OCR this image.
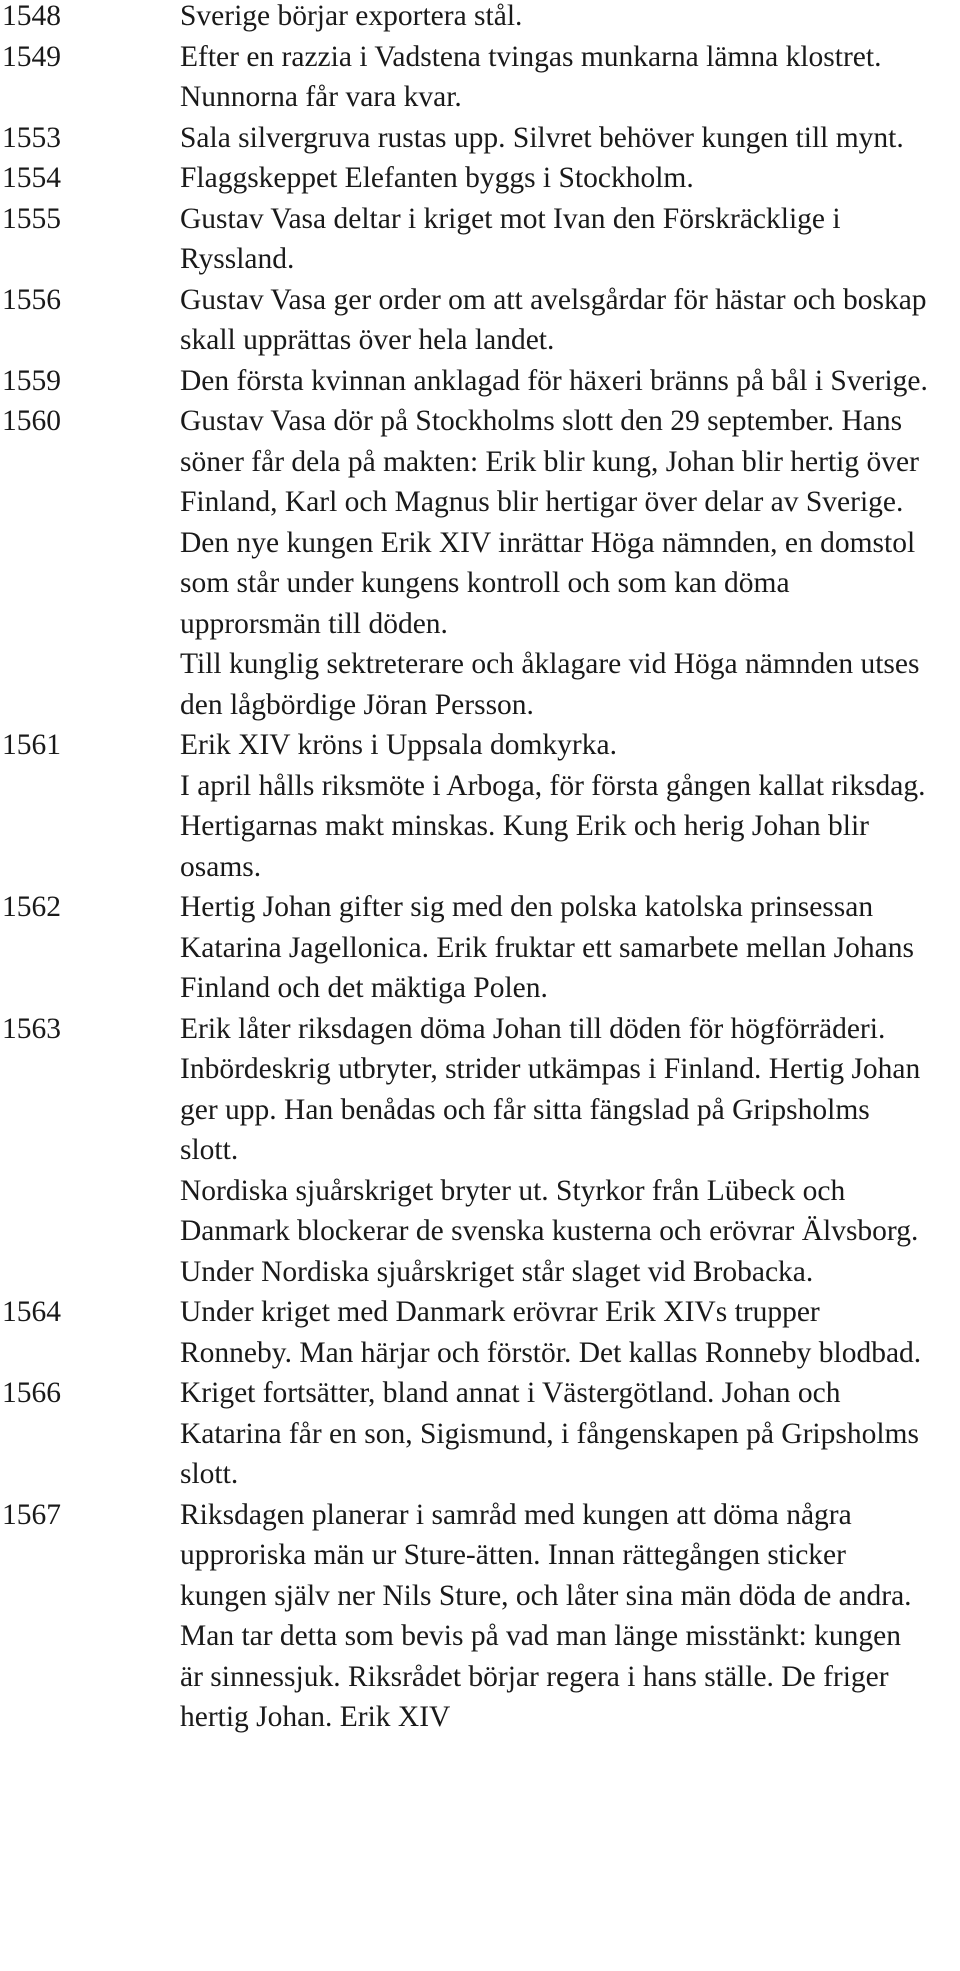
1548	Sverige börjar exportera stål.
1549	Efter en razzia i Vadstena tvingas munkarna lämna klostret. Nunnorna får vara kvar.
1553	Sala silvergruva rustas upp. Silvret behöver kungen till mynt.
1554	Flaggskeppet Elefanten byggs i Stockholm.
1555	Gustav Vasa deltar i kriget mot Ivan den Förskräcklige i Ryssland.
1556	Gustav Vasa ger order om att avelsgårdar för hästar och boskap skall upprättas över hela landet.
1559	Den första kvinnan anklagad för häxeri bränns på bål i Sverige.
1560	Gustav Vasa dör på Stockholms slott den 29 september. Hans söner får dela på makten: Erik blir kung, Johan blir hertig över Finland, Karl och Magnus blir hertigar över delar av Sverige.
Den nye kungen Erik XIV inrättar Höga nämnden, en domstol som står under kungens kontroll och som kan döma upprorsmän till döden.
Till kunglig sektreterare och åklagare vid Höga nämnden utses den lågbördige Jöran Persson.
1561	Erik XIV kröns i Uppsala domkyrka.
I april hålls riksmöte i Arboga, för första gången kallat riksdag. Hertigarnas makt minskas. Kung Erik och herig Johan blir osams.
1562	Hertig Johan gifter sig med den polska katolska prinsessan Katarina Jagellonica. Erik fruktar ett samarbete mellan Johans Finland och det mäktiga Polen.
1563	Erik låter riksdagen döma Johan till döden för högförräderi. Inbördeskrig utbryter, strider utkämpas i Finland. Hertig Johan ger upp. Han benådas och får sitta fängslad på Gripsholms slott.
Nordiska sjuårskriget bryter ut. Styrkor från Lübeck och Danmark blockerar de svenska kusterna och erövrar Älvsborg. Under Nordiska sjuårskriget står slaget vid Brobacka.
1564	Under kriget med Danmark erövrar Erik XIVs trupper Ronneby. Man härjar och förstör. Det kallas Ronneby blodbad.
1566	Kriget fortsätter, bland annat i Västergötland. Johan och Katarina får en son, Sigismund, i fångenskapen på Gripsholms slott.
1567	Riksdagen planerar i samråd med kungen att döma några upproriska män ur Sture-ätten. Innan rättegången sticker kungen själv ner Nils Sture, och låter sina män döda de andra. Man tar detta som bevis på vad man länge misstänkt: kungen är sinnessjuk. Riksrådet börjar regera i hans ställe. De friger hertig Johan. Erik XIV
